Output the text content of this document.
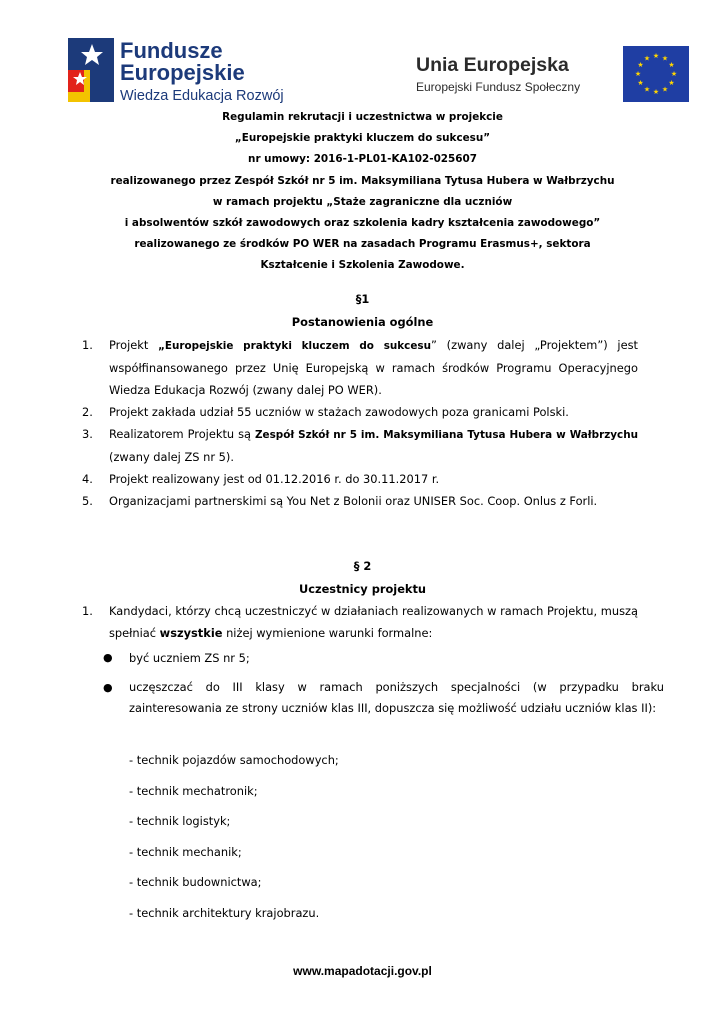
Fundusze
Europejskie
Wiedza Edukacja Rozwój
Unia Europejska
Europejski Fundusz Społeczny
★ ★
★
★
★
★
★
★
★
★
★
★
Regulamin rekrutacji i uczestnictwa w projekcie
„Europejskie praktyki kluczem do sukcesu”
nr umowy: 2016-1-PL01-KA102-025607
realizowanego przez Zespół Szkół nr 5 im. Maksymiliana Tytusa Hubera w Wałbrzychu
w ramach projektu „Staże zagraniczne dla uczniów
i absolwentów szkół zawodowych oraz szkolenia kadry kształcenia zawodowego”
realizowanego ze środków PO WER na zasadach Programu Erasmus+, sektora
Kształcenie i Szkolenia Zawodowe.
§1
Postanowienia ogólne
1. Projekt „Europejskie praktyki kluczem do sukcesu” (zwany dalej „Projektem”) jest współfinansowanego przez Unię Europejską w ramach środków Programu Operacyjnego Wiedza Edukacja Rozwój (zwany dalej PO WER).
2. Projekt zakłada udział 55 uczniów w stażach zawodowych poza granicami Polski.
3. Realizatorem Projektu są Zespół Szkół nr 5 im. Maksymiliana Tytusa Hubera w Wałbrzychu (zwany dalej ZS nr 5).
4. Projekt realizowany jest od 01.12.2016 r. do 30.11.2017 r.
5. Organizacjami partnerskimi są You Net z Bolonii oraz UNISER Soc. Coop. Onlus z Forli.
§ 2
Uczestnicy projektu
1. Kandydaci, którzy chcą uczestniczyć w działaniach realizowanych w ramach Projektu, muszą spełniać wszystkie niżej wymienione warunki formalne:
● być uczniem ZS nr 5;
● uczęszczać do III klasy w ramach poniższych specjalności (w przypadku braku zainteresowania ze strony uczniów klas III, dopuszcza się możliwość udziału uczniów klas II):
- technik pojazdów samochodowych;
- technik mechatronik;
- technik logistyk;
- technik mechanik;
- technik budownictwa;
- technik architektury krajobrazu.
www.mapadotacji.gov.pl
